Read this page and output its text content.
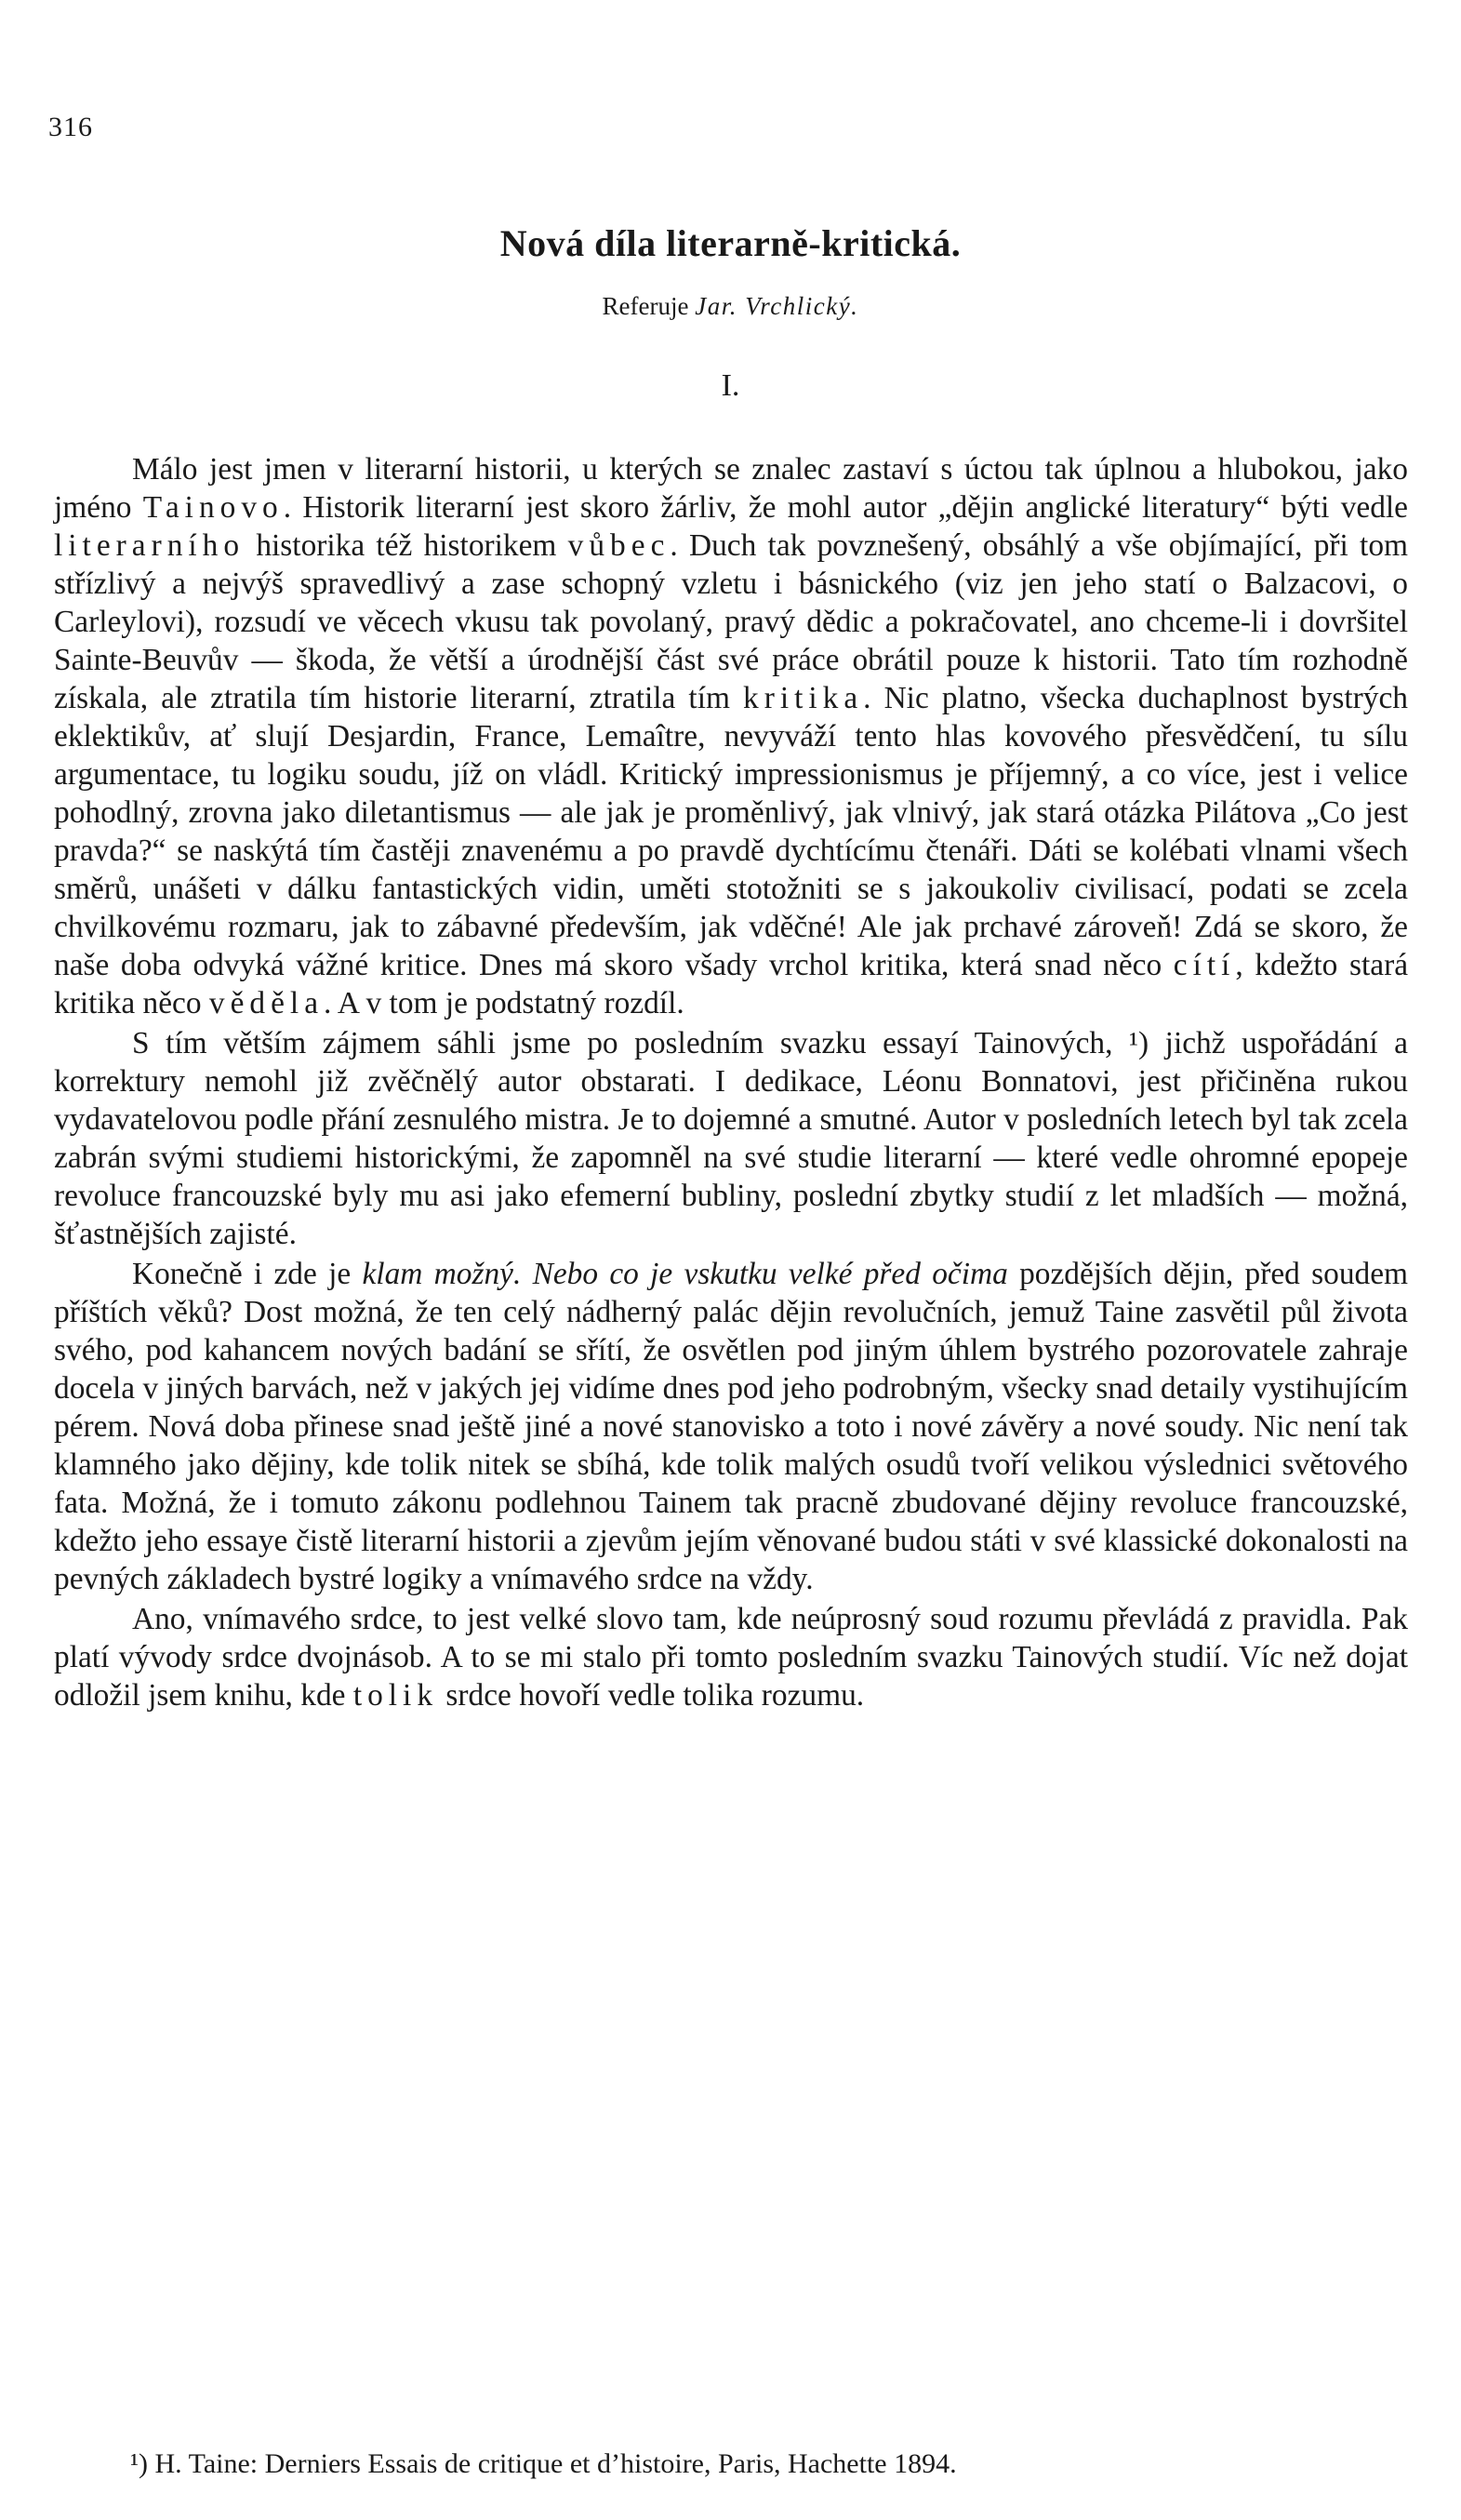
316
Nová díla literarně-kritická.
Referuje Jar. Vrchlický.
I.

Málo jest jmen v literarní historii, u kterých se znalec zastaví s úctou tak úplnou a hlubokou, jako jméno Tainovo. Historik literarní jest skoro žárliv, že mohl autor „dějin anglické literatury“ býti vedle literarního historika též historikem vůbec. Duch tak povznešený, obsáhlý a vše objímající, při tom střízlivý a nejvýš spravedlivý a zase schopný vzletu i básnického (viz jen jeho statí o Balzacovi, o Carleylovi), rozsudí ve věcech vkusu tak povolaný, pravý dědic a pokračovatel, ano chceme-li i dovršitel Sainte-Beuvův — škoda, že větší a úrodnější část své práce obrátil pouze k historii. Tato tím rozhodně získala, ale ztratila tím historie literarní, ztratila tím kritika. Nic platno, všecka duchaplnost bystrých eklektikův, ať slují Desjardin, France, Lemaître, nevyváží tento hlas kovového přesvědčení, tu sílu argumentace, tu logiku soudu, jíž on vládl. Kritický impressionismus je příjemný, a co více, jest i velice pohodlný, zrovna jako diletantismus — ale jak je proměnlivý, jak vlnivý, jak stará otázka Pilátova „Co jest pravda?“ se naskýtá tím častěji znavenému a po pravdě dychtícímu čtenáři. Dáti se kolébati vlnami všech směrů, unášeti v dálku fantastických vidin, uměti stotožniti se s jakoukoliv civilisací, podati se zcela chvilkovému rozmaru, jak to zábavné především, jak vděčné! Ale jak prchavé zároveň! Zdá se skoro, že naše doba odvyká vážné kritice. Dnes má skoro všady vrchol kritika, která snad něco cítí, kdežto stará kritika něco věděla. A v tom je podstatný rozdíl.

S tím větším zájmem sáhli jsme po posledním svazku essayí Tainových, ¹) jichž uspořádání a korrektury nemohl již zvěčnělý autor obstarati. I dedikace, Léonu Bonnatovi, jest přičiněna rukou vydavatelovou podle přání zesnulého mistra. Je to dojemné a smutné. Autor v posledních letech byl tak zcela zabrán svými studiemi historickými, že zapomněl na své studie literarní — které vedle ohromné epopeje revoluce francouzské byly mu asi jako efemerní bubliny, poslední zbytky studií z let mladších — možná, šťastnějších zajisté.

Konečně i zde je klam možný. Nebo co je vskutku velké před očima pozdějších dějin, před soudem příštích věků? Dost možná, že ten celý nádherný palác dějin revolučních, jemuž Taine zasvětil půl života svého, pod kahancem nových badání se sřítí, že osvětlen pod jiným úhlem bystrého pozorovatele zahraje docela v jiných barvách, než v jakých jej vidíme dnes pod jeho podrobným, všecky snad detaily vystihujícím pérem. Nová doba přinese snad ještě jiné a nové stanovisko a toto i nové závěry a nové soudy. Nic není tak klamného jako dějiny, kde tolik nitek se sbíhá, kde tolik malých osudů tvoří velikou výslednici světového fata. Možná, že i tomuto zákonu podlehnou Tainem tak pracně zbudované dějiny revoluce francouzské, kdežto jeho essaye čistě literarní historii a zjevům jejím věnované budou státi v své klassické dokonalosti na pevných základech bystré logiky a vnímavého srdce na vždy.

Ano, vnímavého srdce, to jest velké slovo tam, kde neúprosný soud rozumu převládá z pravidla. Pak platí vývody srdce dvojnásob. A to se mi stalo při tomto posledním svazku Tainových studií. Víc než dojat odložil jsem knihu, kde tolik srdce hovoří vedle tolika rozumu.

¹) H. Taine: Derniers Essais de critique et d’histoire, Paris, Hachette 1894.
